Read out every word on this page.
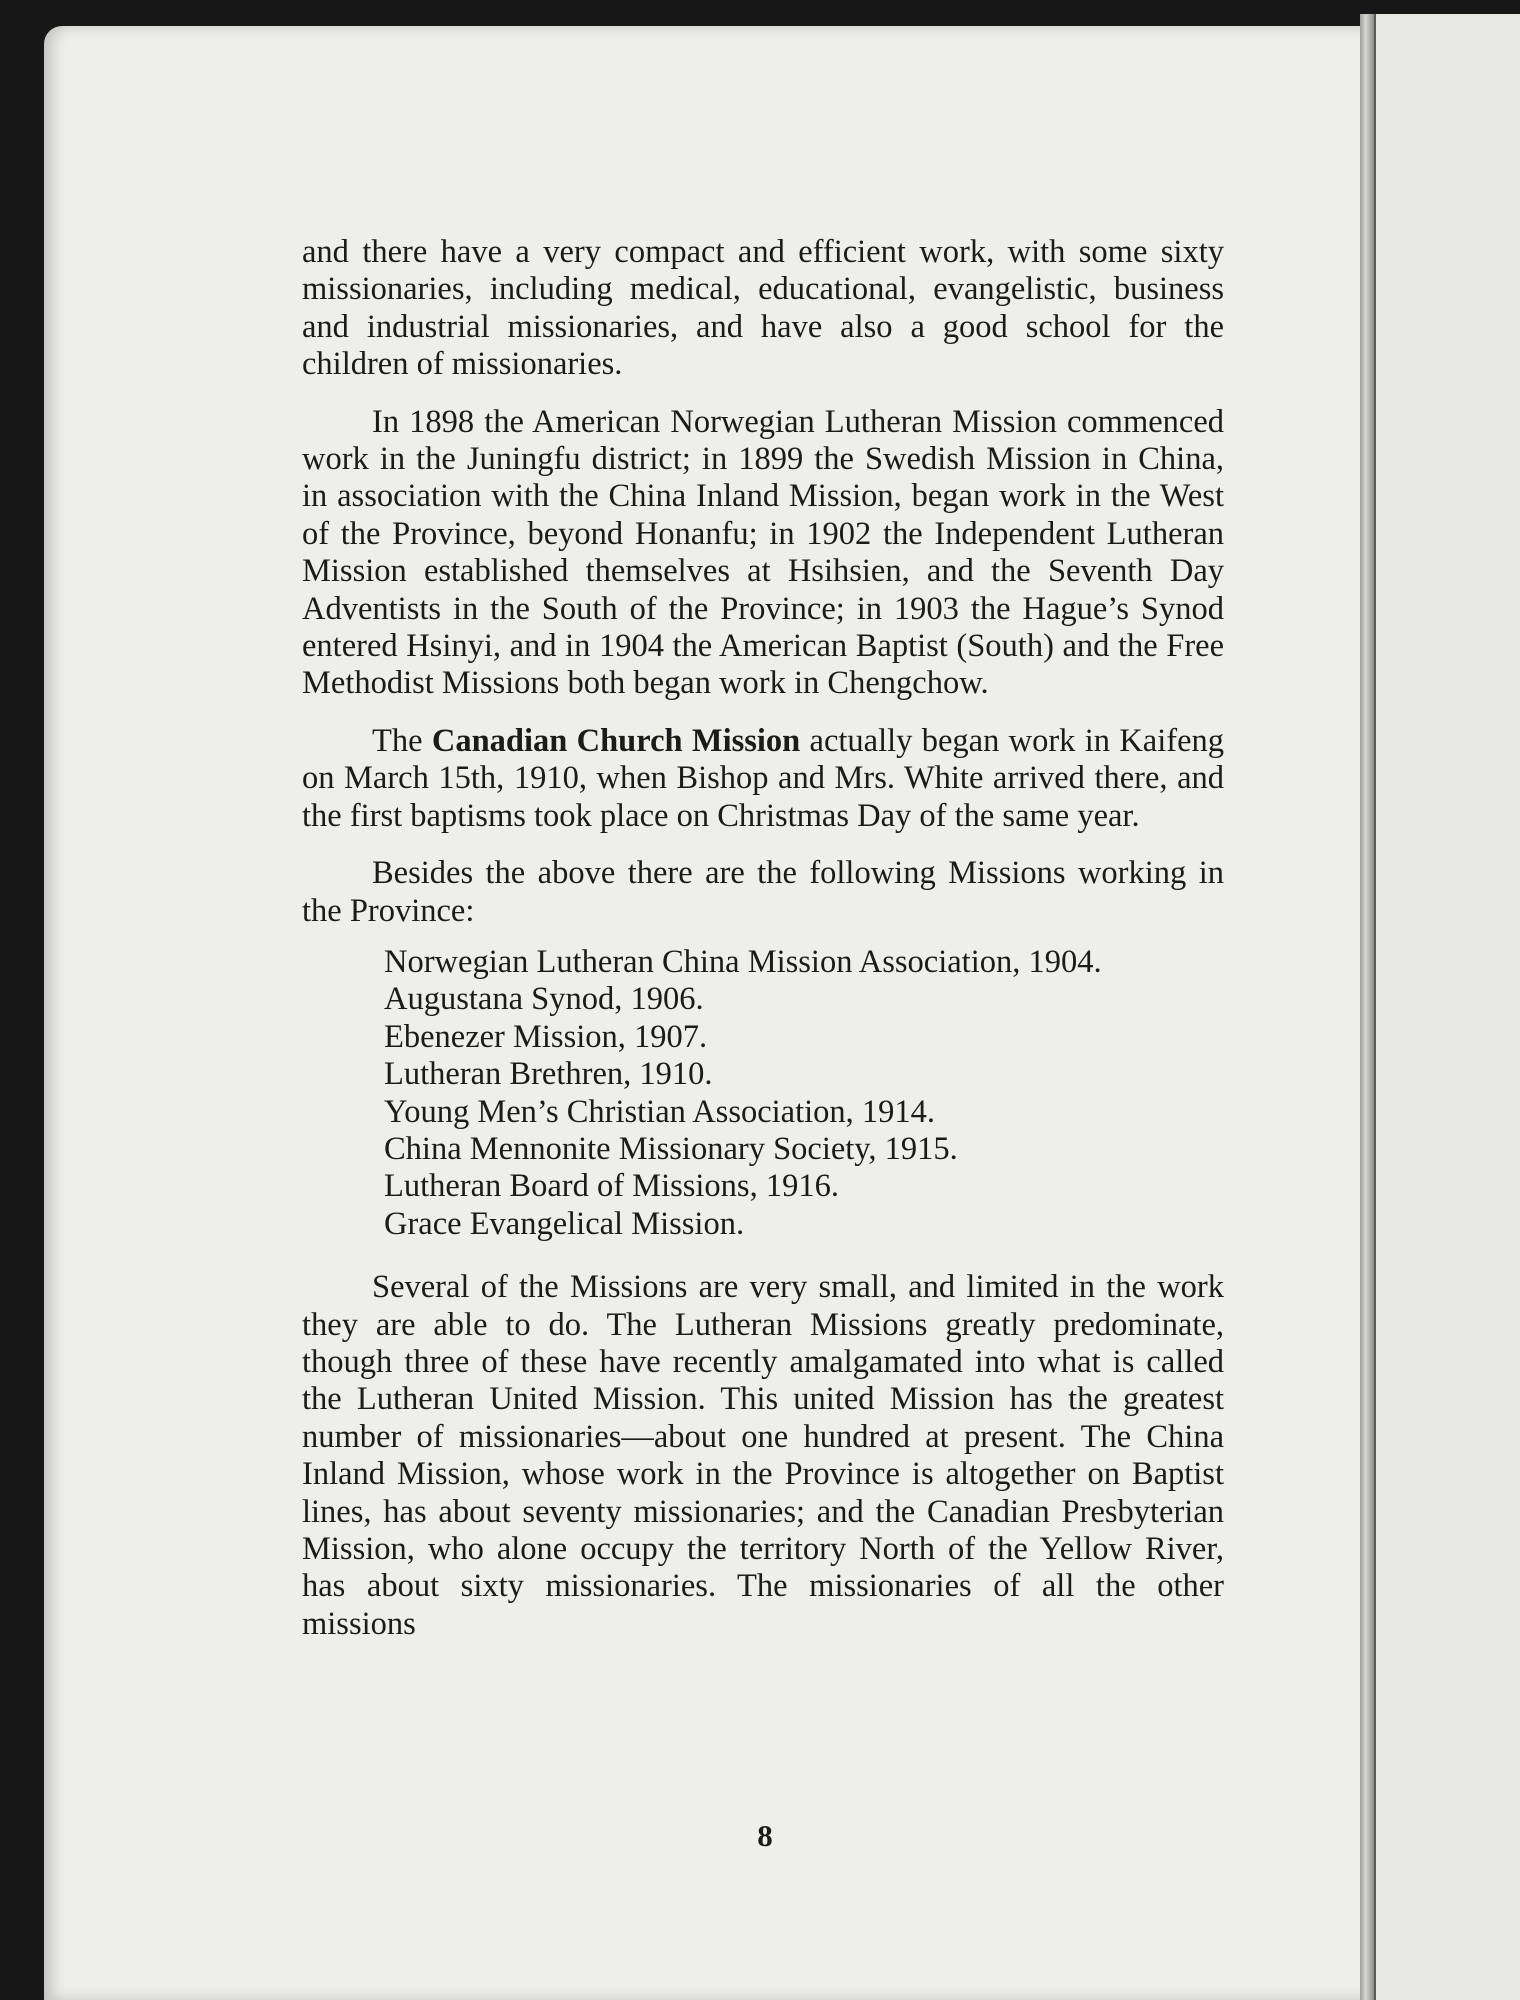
and there have a very compact and efficient work, with some sixty missionaries, including medical, educational, evangelistic, business and industrial missionaries, and have also a good school for the children of missionaries.

In 1898 the American Norwegian Lutheran Mission commenced work in the Juningfu district; in 1899 the Swedish Mission in China, in association with the China Inland Mission, began work in the West of the Province, beyond Honanfu; in 1902 the Independent Lutheran Mission established themselves at Hsihsien, and the Seventh Day Adventists in the South of the Province; in 1903 the Hague’s Synod entered Hsinyi, and in 1904 the American Baptist (South) and the Free Methodist Missions both began work in Chengchow.

The Canadian Church Mission actually began work in Kaifeng on March 15th, 1910, when Bishop and Mrs. White arrived there, and the first baptisms took place on Christmas Day of the same year.

Besides the above there are the following Missions working in the Province:

Norwegian Lutheran China Mission Association, 1904.
Augustana Synod, 1906.
Ebenezer Mission, 1907.
Lutheran Brethren, 1910.
Young Men’s Christian Association, 1914.
China Mennonite Missionary Society, 1915.
Lutheran Board of Missions, 1916.
Grace Evangelical Mission.

Several of the Missions are very small, and limited in the work they are able to do. The Lutheran Missions greatly predominate, though three of these have recently amalgamated into what is called the Lutheran United Mission. This united Mission has the greatest number of missionaries—about one hundred at present. The China Inland Mission, whose work in the Province is altogether on Baptist lines, has about seventy missionaries; and the Canadian Presbyterian Mission, who alone occupy the territory North of the Yellow River, has about sixty missionaries. The missionaries of all the other missions

8
